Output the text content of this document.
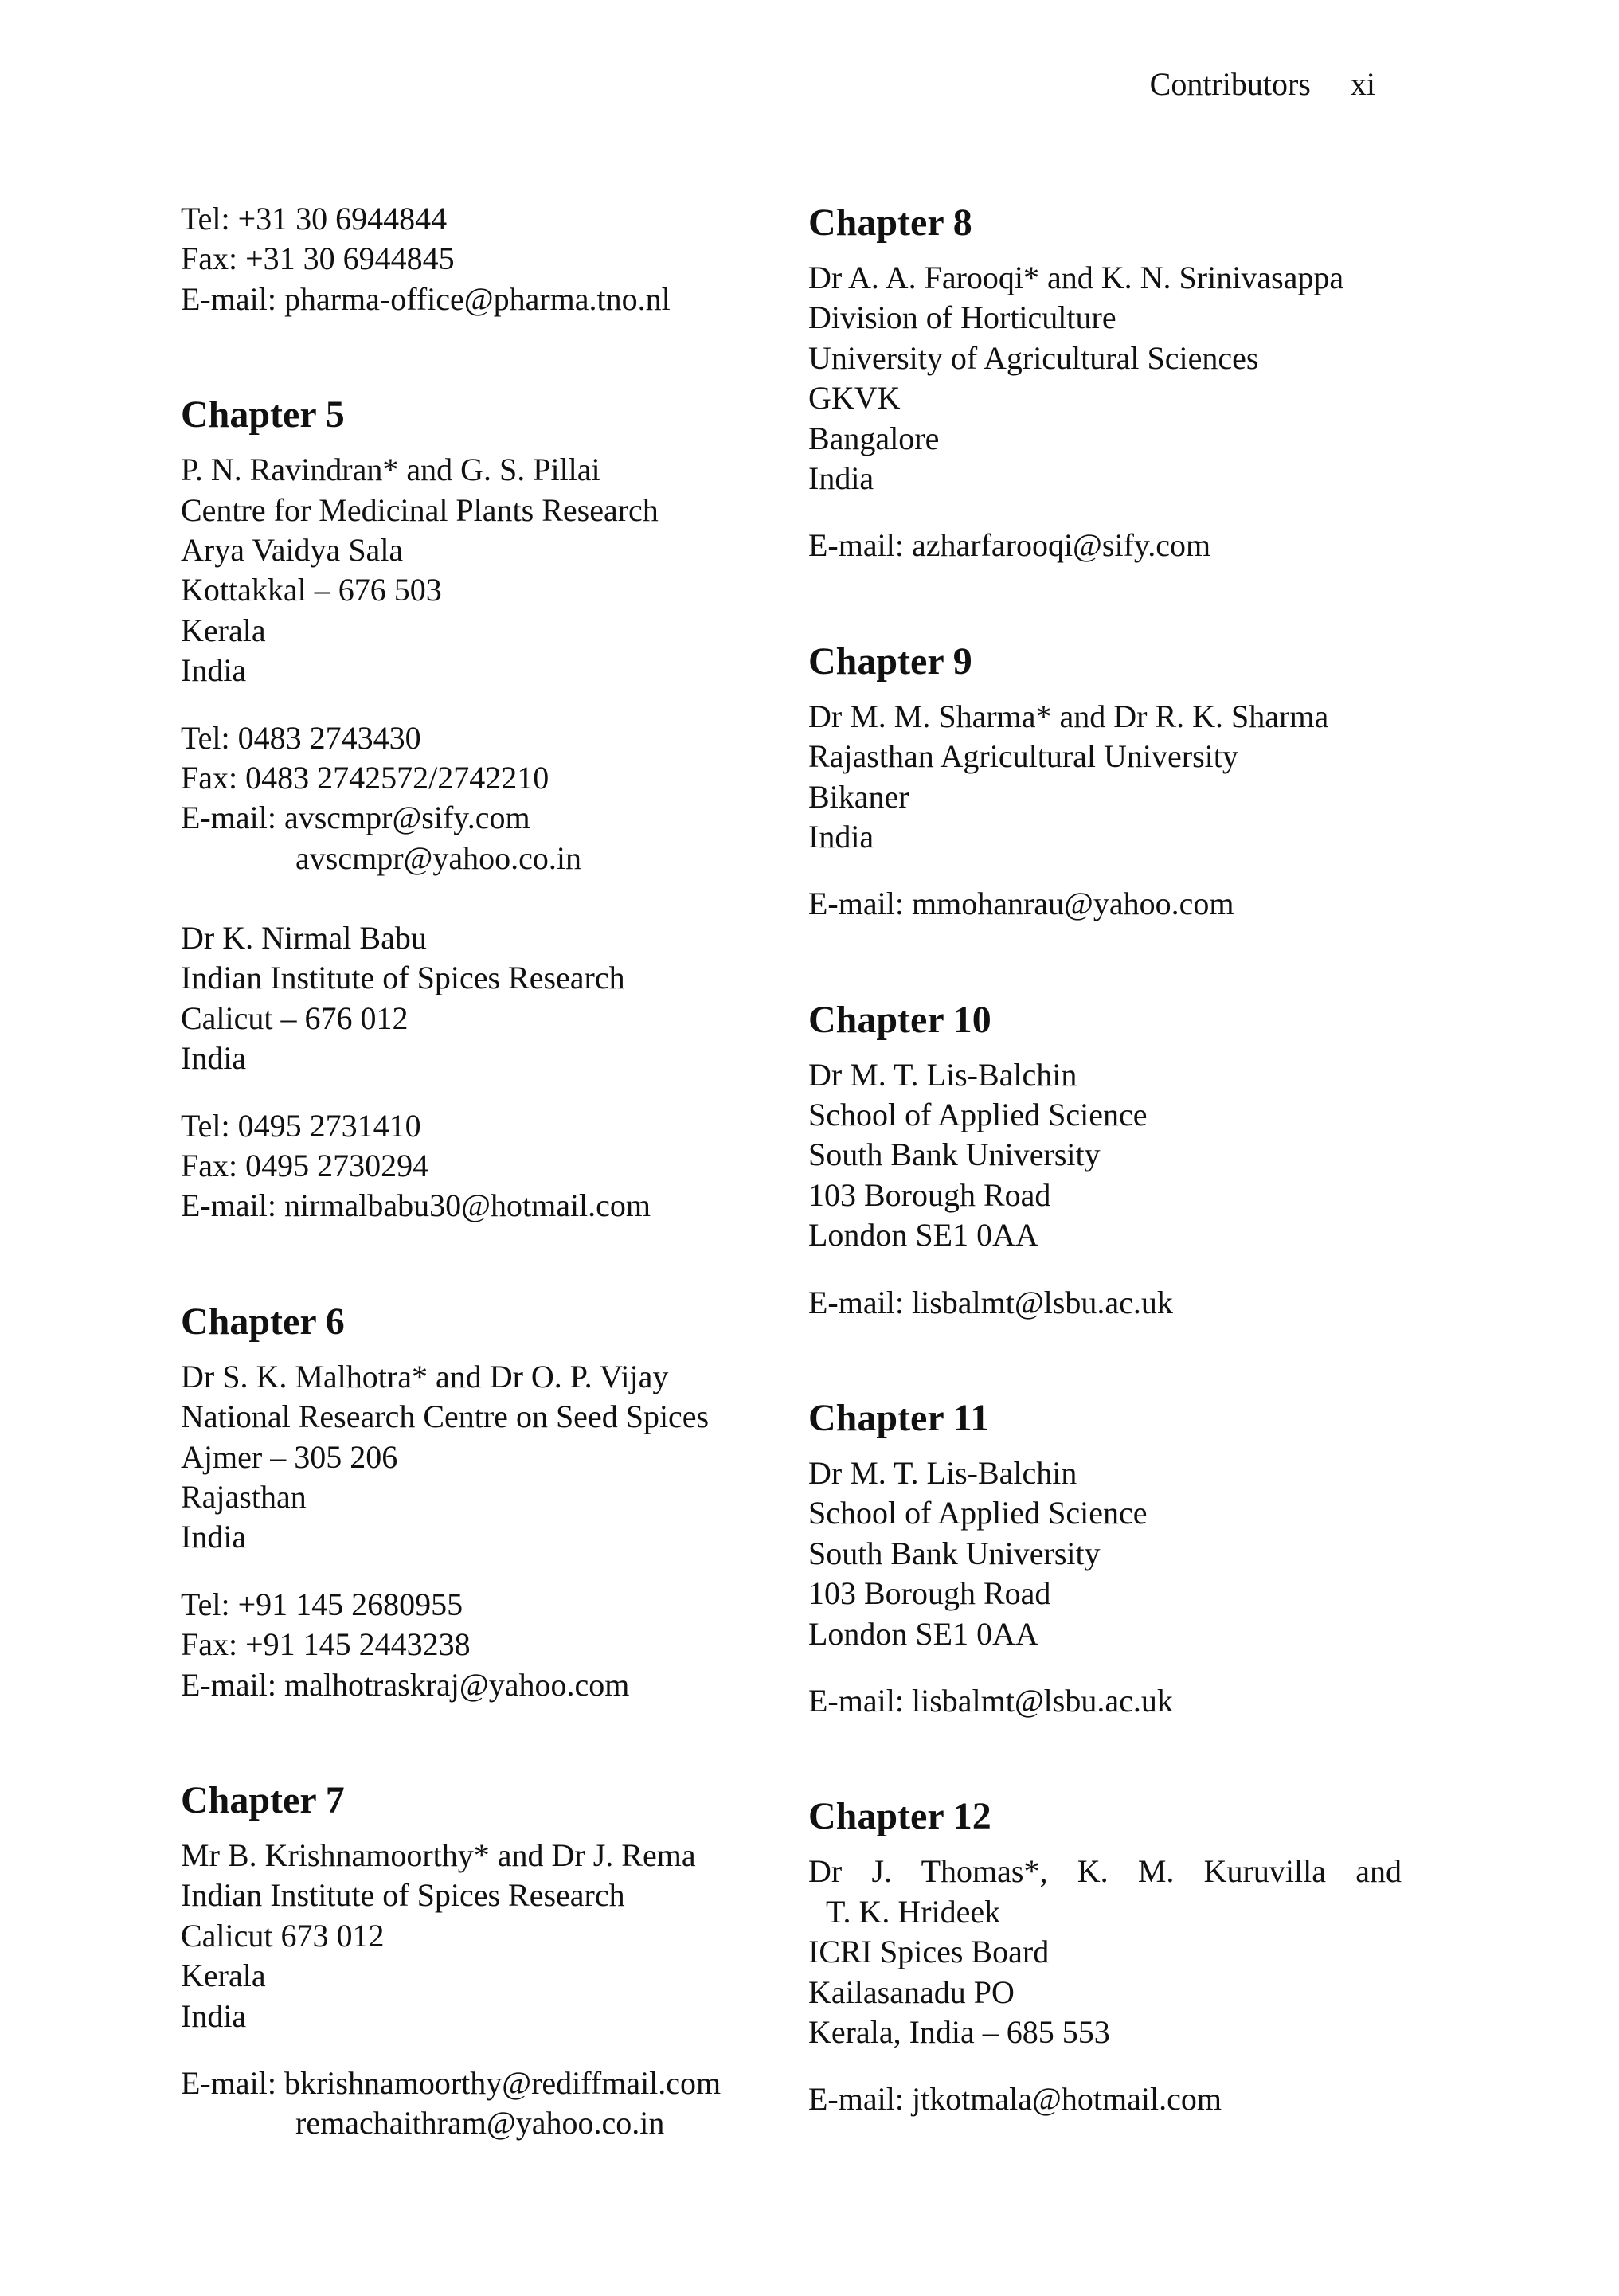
Contributors xi
Tel: +31 30 6944844
Fax: +31 30 6944845
E-mail: pharma-office@pharma.tno.nl
Chapter 5
P. N. Ravindran* and G. S. Pillai
Centre for Medicinal Plants Research
Arya Vaidya Sala
Kottakkal – 676 503
Kerala
India
Tel: 0483 2743430
Fax: 0483 2742572/2742210
E-mail: avscmpr@sify.com
avscmpr@yahoo.co.in
Dr K. Nirmal Babu
Indian Institute of Spices Research
Calicut – 676 012
India
Tel: 0495 2731410
Fax: 0495 2730294
E-mail: nirmalbabu30@hotmail.com
Chapter 6
Dr S. K. Malhotra* and Dr O. P. Vijay
National Research Centre on Seed Spices
Ajmer – 305 206
Rajasthan
India
Tel: +91 145 2680955
Fax: +91 145 2443238
E-mail: malhotraskraj@yahoo.com
Chapter 7
Mr B. Krishnamoorthy* and Dr J. Rema
Indian Institute of Spices Research
Calicut 673 012
Kerala
India
E-mail: bkrishnamoorthy@rediffmail.com
remachaithram@yahoo.co.in
Chapter 8
Dr A. A. Farooqi* and K. N. Srinivasappa
Division of Horticulture
University of Agricultural Sciences
GKVK
Bangalore
India
E-mail: azharfarooqi@sify.com
Chapter 9
Dr M. M. Sharma* and Dr R. K. Sharma
Rajasthan Agricultural University
Bikaner
India
E-mail: mmohanrau@yahoo.com
Chapter 10
Dr M. T. Lis-Balchin
School of Applied Science
South Bank University
103 Borough Road
London SE1 0AA
E-mail: lisbalmt@lsbu.ac.uk
Chapter 11
Dr M. T. Lis-Balchin
School of Applied Science
South Bank University
103 Borough Road
London SE1 0AA
E-mail: lisbalmt@lsbu.ac.uk
Chapter 12
Dr J. Thomas*, K. M. Kuruvilla and
T. K. Hrideek
ICRI Spices Board
Kailasanadu PO
Kerala, India – 685 553
E-mail: jtkotmala@hotmail.com
